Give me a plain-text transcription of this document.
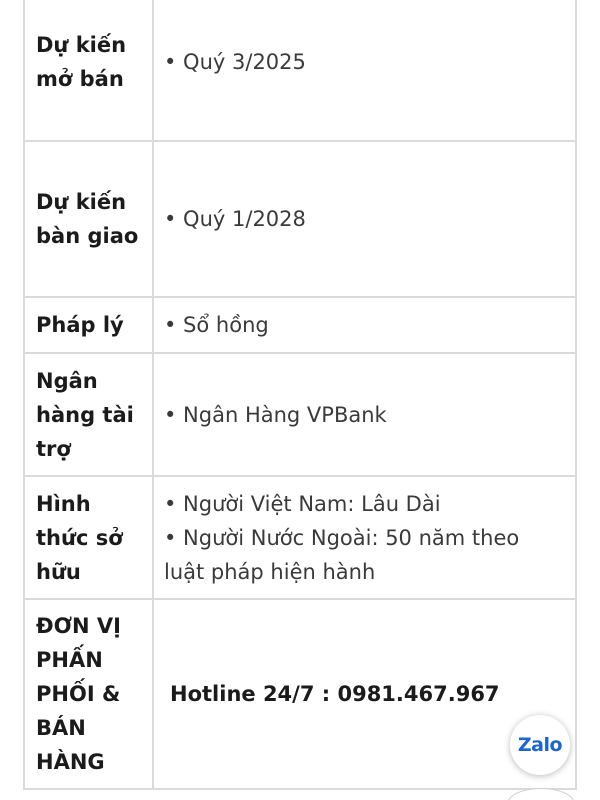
Dự kiến mở bán	• Quý 3/2025

Dự kiến bàn giao	• Quý 1/2028

Pháp lý	• Sổ hồng

Ngân hàng tài trợ	• Ngân Hàng VPBank

Hình thức sở hữu	• Người Việt Nam: Lâu Dài
• Người Nước Ngoài: 50 năm theo luật pháp hiện hành

ĐƠN VỊ PHẤN PHỐI & BÁN HÀNG	Hotline 24/7 : 0981.467.967
Zalo
